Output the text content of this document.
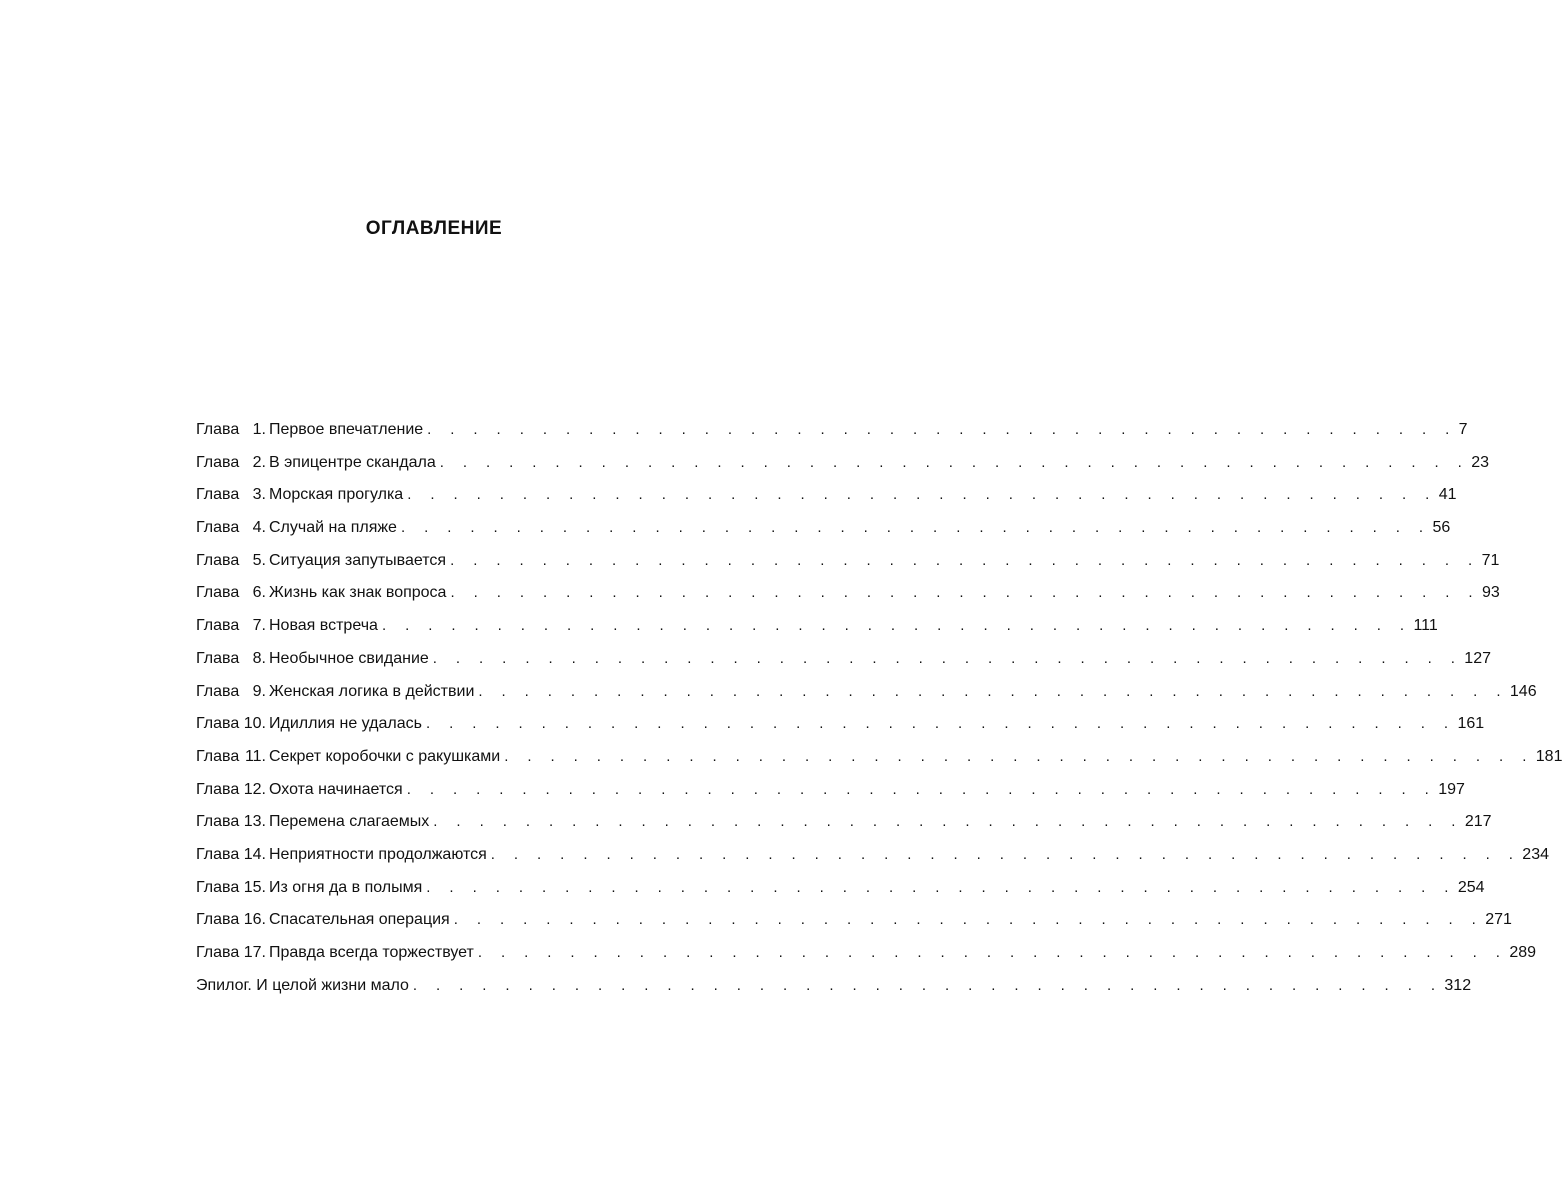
ОГЛАВЛЕНИЕ
Глава 1. Первое впечатление . . . . . . . . . . . . . . . . . . . . . . . . . . . . . . . . . . . . . . . . . . . . . 7
Глава 2. В эпицентре скандала . . . . . . . . . . . . . . . . . . . . . . . . . . . . . . . . . . . . . . . . . . . . . 23
Глава 3. Морская прогулка . . . . . . . . . . . . . . . . . . . . . . . . . . . . . . . . . . . . . . . . . . . . . 41
Глава 4. Случай на пляже . . . . . . . . . . . . . . . . . . . . . . . . . . . . . . . . . . . . . . . . . . . . . 56
Глава 5. Ситуация запутывается . . . . . . . . . . . . . . . . . . . . . . . . . . . . . . . . . . . . . . . . . . . . . 71
Глава 6. Жизнь как знак вопроса . . . . . . . . . . . . . . . . . . . . . . . . . . . . . . . . . . . . . . . . . . . . . 93
Глава 7. Новая встреча . . . . . . . . . . . . . . . . . . . . . . . . . . . . . . . . . . . . . . . . . . . . . 111
Глава 8. Необычное свидание . . . . . . . . . . . . . . . . . . . . . . . . . . . . . . . . . . . . . . . . . . . . . 127
Глава 9. Женская логика в действии . . . . . . . . . . . . . . . . . . . . . . . . . . . . . . . . . . . . . . . . . . . . . 146
Глава 10. Идиллия не удалась . . . . . . . . . . . . . . . . . . . . . . . . . . . . . . . . . . . . . . . . . . . . . 161
Глава 11. Секрет коробочки с ракушками . . . . . . . . . . . . . . . . . . . . . . . . . . . . . . . . . . . . . . . . . . . . . 181
Глава 12. Охота начинается . . . . . . . . . . . . . . . . . . . . . . . . . . . . . . . . . . . . . . . . . . . . . 197
Глава 13. Перемена слагаемых . . . . . . . . . . . . . . . . . . . . . . . . . . . . . . . . . . . . . . . . . . . . . 217
Глава 14. Неприятности продолжаются . . . . . . . . . . . . . . . . . . . . . . . . . . . . . . . . . . . . . . . . . . . . . 234
Глава 15. Из огня да в полымя . . . . . . . . . . . . . . . . . . . . . . . . . . . . . . . . . . . . . . . . . . . . . 254
Глава 16. Спасательная операция . . . . . . . . . . . . . . . . . . . . . . . . . . . . . . . . . . . . . . . . . . . . . 271
Глава 17. Правда всегда торжествует . . . . . . . . . . . . . . . . . . . . . . . . . . . . . . . . . . . . . . . . . . . . . 289
Эпилог. И целой жизни мало . . . . . . . . . . . . . . . . . . . . . . . . . . . . . . . . . . . . . . . . . . . . . 312
